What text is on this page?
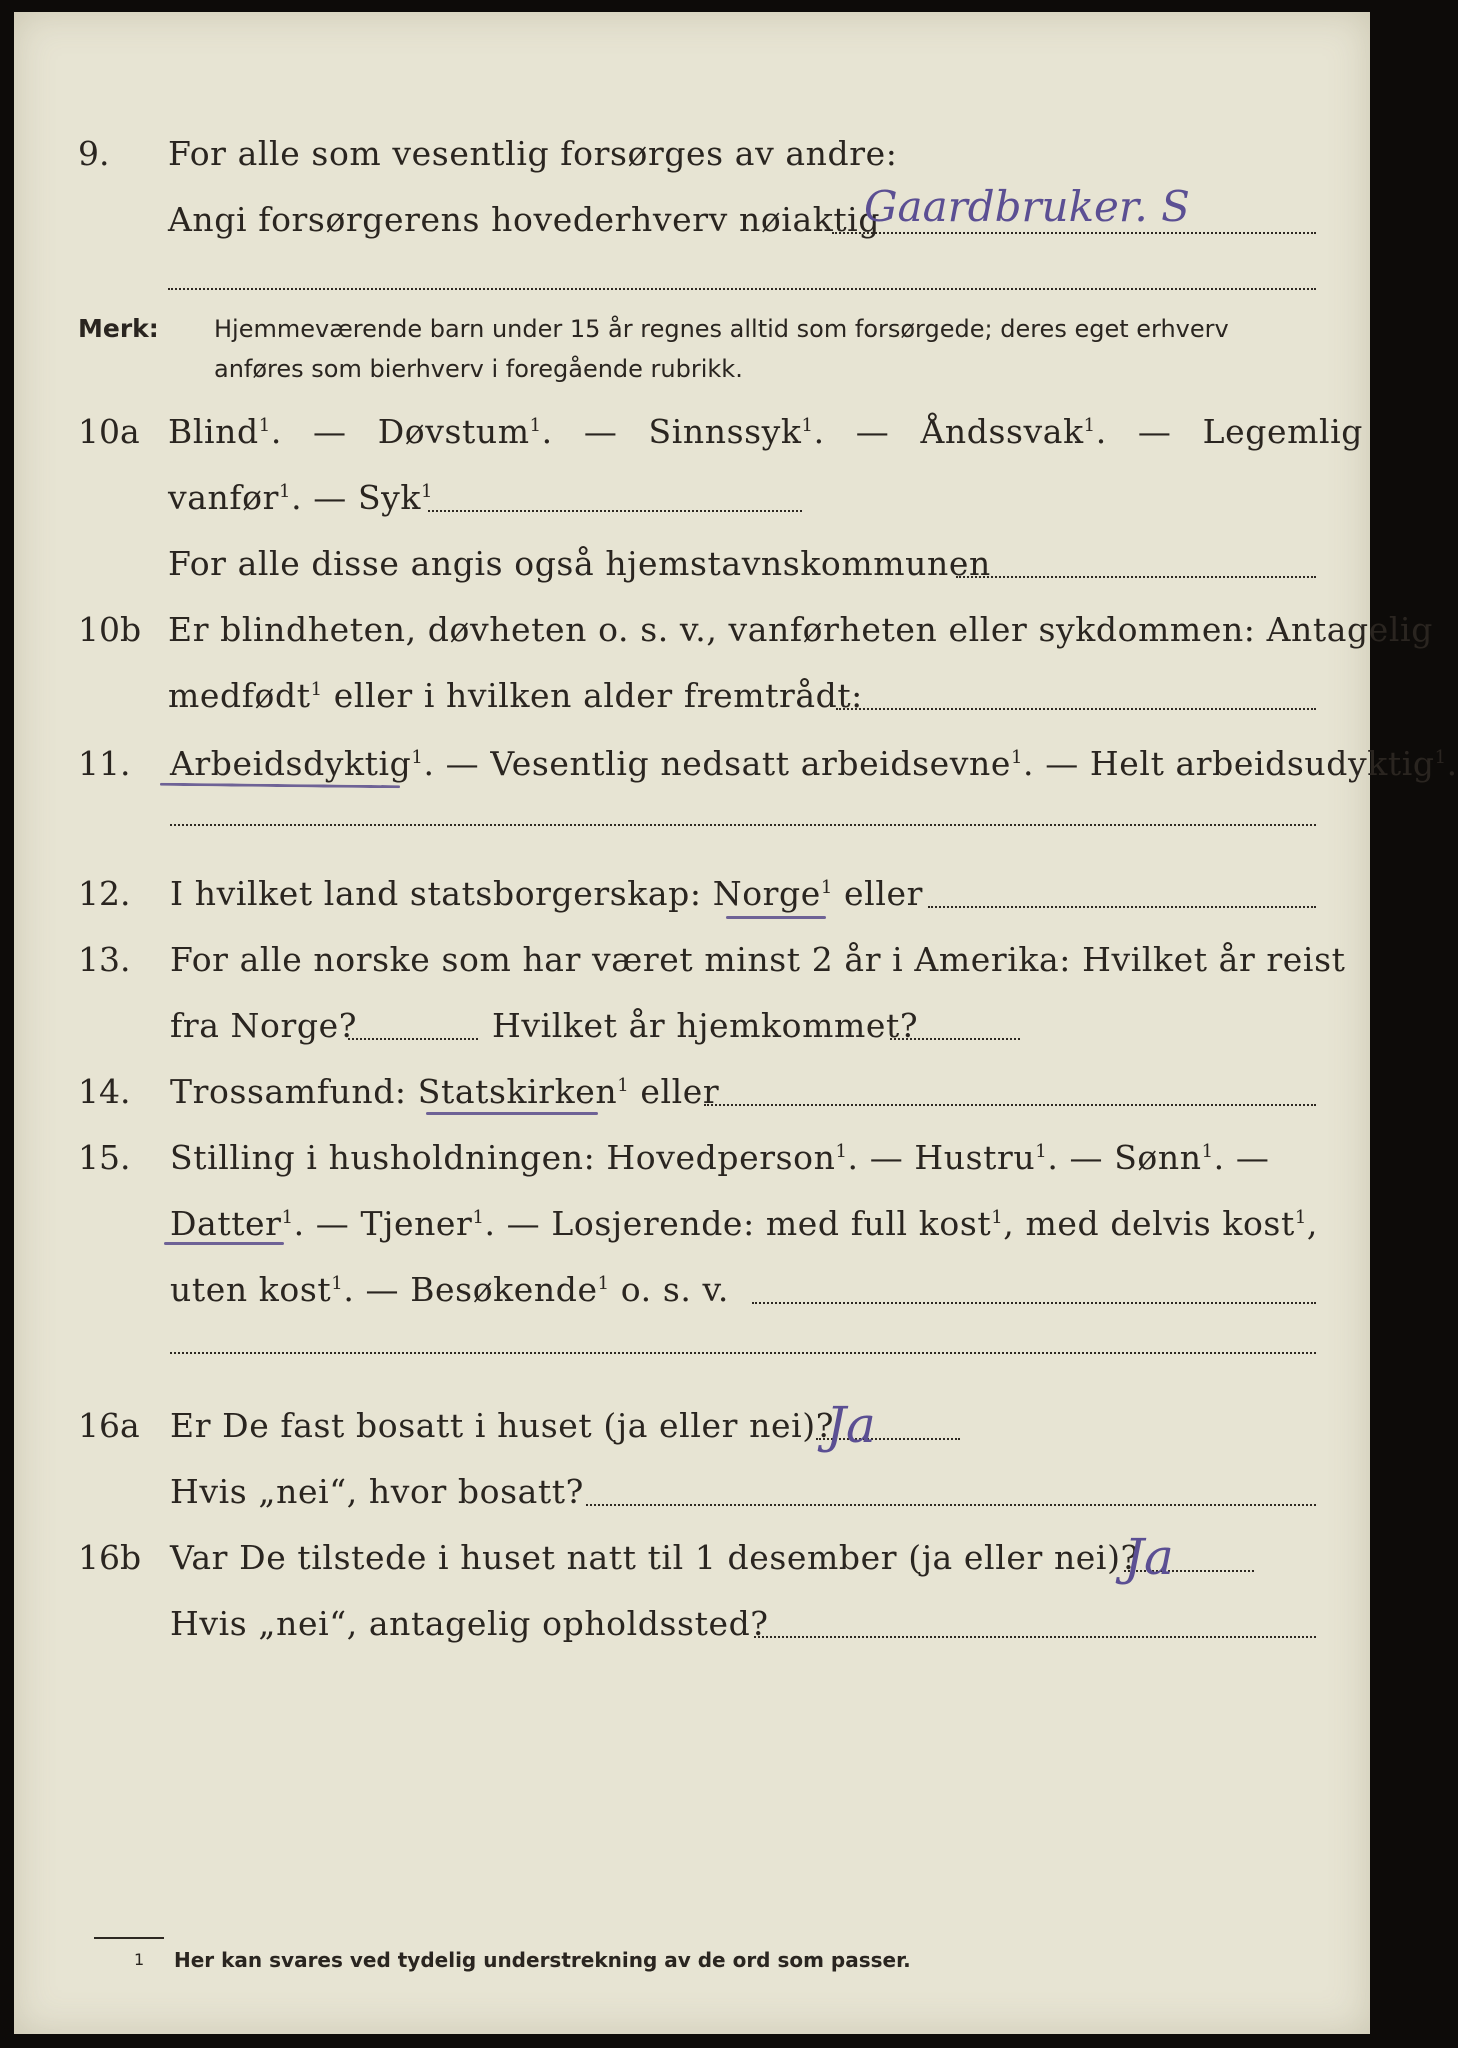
9. For alle som vesentlig forsørges av andre:
Angi forsørgerens hovederhverv nøiaktig
Gaardbruker. S
Merk: Hjemmeværende barn under 15 år regnes alltid som forsørgede; deres eget erhverv
anføres som bierhverv i foregående rubrikk.
10a Blind$^1$. — Døvstum$^1$. — Sinnssyk$^1$. — Åndssvak$^1$. — Legemlig
vanfør$^1$. — Syk$^1$
For alle disse angis også hjemstavnskommunen
10b Er blindheten, døvheten o. s. v., vanførheten eller sykdommen: Antagelig
medfødt$^1$ eller i hvilken alder fremtrådt:
11. Arbeidsdyktig$^1$. — Vesentlig nedsatt arbeidsevne$^1$. — Helt arbeidsudyktig$^1$.
12. I hvilket land statsborgerskap: Norge$^1$ eller
13. For alle norske som har været minst 2 år i Amerika: Hvilket år reist
fra Norge?	Hvilket år hjemkommet?
14. Trossamfund: Statskirken$^1$ eller
15. Stilling i husholdningen: Hovedperson$^1$. — Hustru$^1$. — Sønn$^1$. —
Datter$^1$. — Tjener$^1$. — Losjerende: med full kost$^1$, med delvis kost$^1$,
uten kost$^1$. — Besøkende$^1$ o. s. v.
16a Er De fast bosatt i huset (ja eller nei)?
Ja
Hvis „nei“, hvor bosatt?
16b Var De tilstede i huset natt til 1 desember (ja eller nei)?
Ja
Hvis „nei“, antagelig opholdssted?
1 Her kan svares ved tydelig understrekning av de ord som passer.
